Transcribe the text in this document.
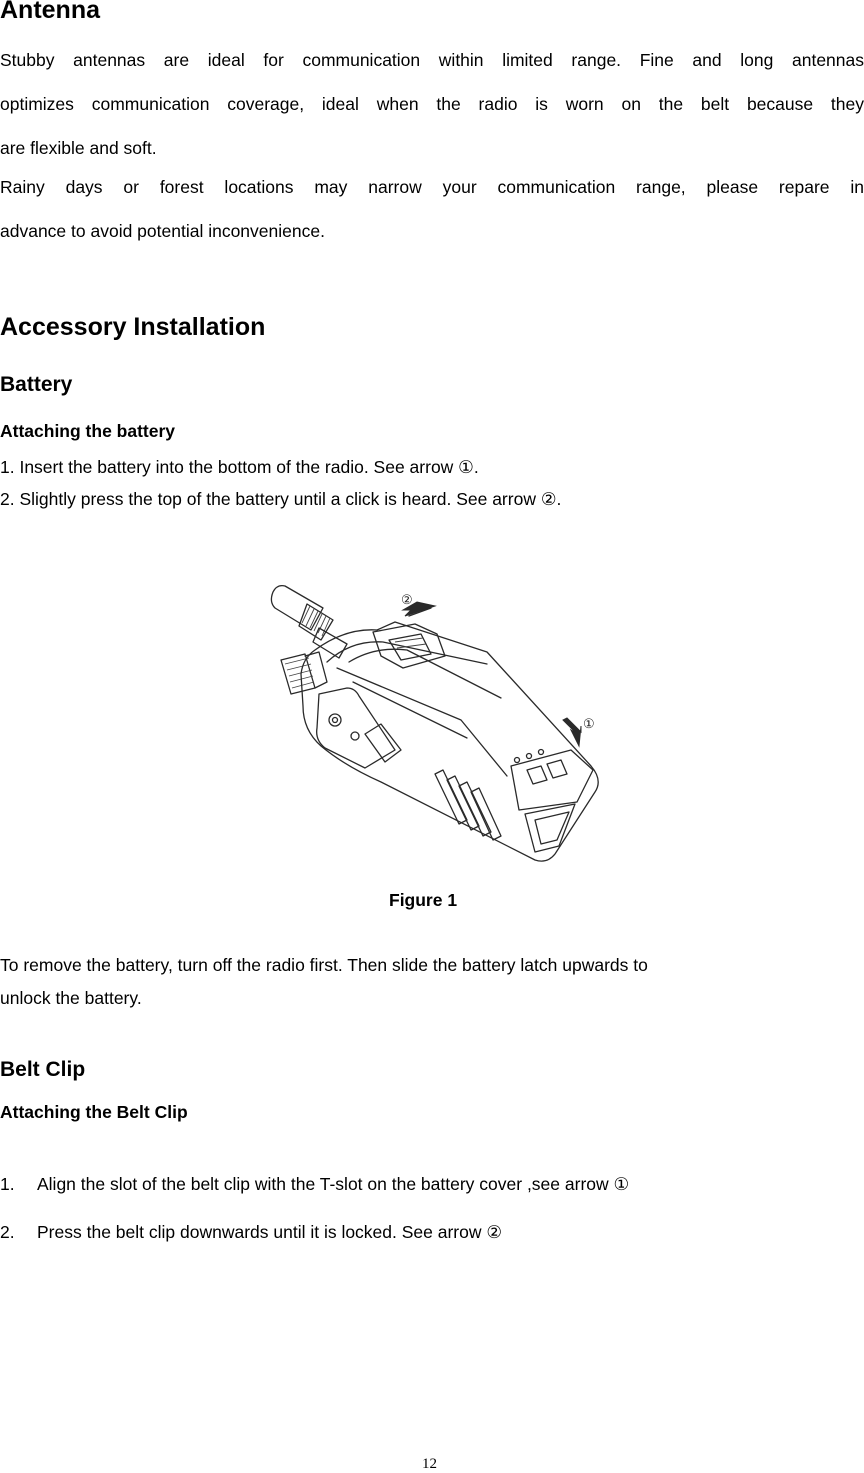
Antenna
Stubby antennas are ideal for communication within limited range. Fine and long antennas
optimizes communication coverage, ideal when the radio is worn on the belt because they
are flexible and soft.
Rainy days or forest locations may narrow your communication range, please repare in
advance to avoid potential inconvenience.
Accessory Installation
Battery
Attaching the battery
1. Insert the battery into the bottom of the radio. See arrow ①.
2. Slightly press the top of the battery until a click is heard. See arrow ②.
②
①
Figure 1
To remove the battery, turn off the radio first. Then slide the battery latch upwards to
unlock the battery.
Belt Clip
Attaching the Belt Clip
1. Align the slot of the belt clip with the T-slot on the battery cover ,see arrow ①
2. Press the belt clip downwards until it is locked. See arrow ②
12
